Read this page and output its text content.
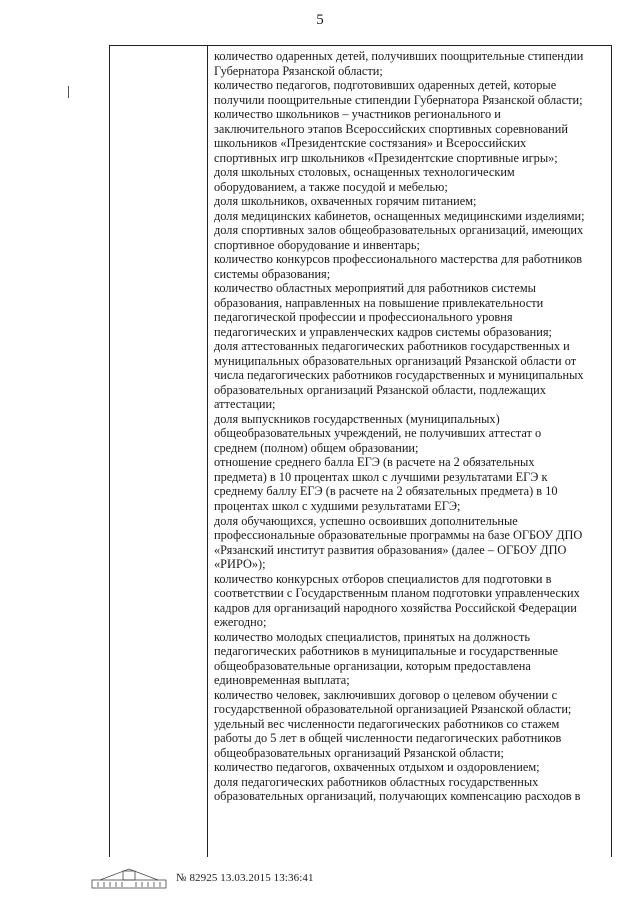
5
количество одаренных детей, получивших поощрительные стипендии
Губернатора Рязанской области;
количество педагогов, подготовивших одаренных детей, которые
получили поощрительные стипендии Губернатора Рязанской области;
количество школьников – участников регионального и
заключительного этапов Всероссийских спортивных соревнований
школьников «Президентские состязания» и Всероссийских
спортивных игр школьников «Президентские спортивные игры»;
доля школьных столовых, оснащенных технологическим
оборудованием, а также посудой и мебелью;
доля школьников, охваченных горячим питанием;
доля медицинских кабинетов, оснащенных медицинскими изделиями;
доля спортивных залов общеобразовательных организаций, имеющих
спортивное оборудование и инвентарь;
количество конкурсов профессионального мастерства для работников
системы образования;
количество областных мероприятий для работников системы
образования, направленных на повышение привлекательности
педагогической профессии и профессионального уровня
педагогических и управленческих кадров системы образования;
доля аттестованных педагогических работников государственных и
муниципальных образовательных организаций Рязанской области от
числа педагогических работников государственных и муниципальных
образовательных организаций Рязанской области, подлежащих
аттестации;
доля выпускников государственных (муниципальных)
общеобразовательных учреждений, не получивших аттестат о
среднем (полном) общем образовании;
отношение среднего балла ЕГЭ (в расчете на 2 обязательных
предмета) в 10 процентах школ с лучшими результатами ЕГЭ к
среднему баллу ЕГЭ (в расчете на 2 обязательных предмета) в 10
процентах школ с худшими результатами ЕГЭ;
доля обучающихся, успешно освоивших дополнительные
профессиональные образовательные программы на базе ОГБОУ ДПО
«Рязанский институт развития образования» (далее – ОГБОУ ДПО
«РИРО»);
количество конкурсных отборов специалистов для подготовки в
соответствии с Государственным планом подготовки управленческих
кадров для организаций народного хозяйства Российской Федерации
ежегодно;
количество молодых специалистов, принятых на должность
педагогических работников в муниципальные и государственные
общеобразовательные организации, которым предоставлена
единовременная выплата;
количество человек, заключивших договор о целевом обучении с
государственной образовательной организацией Рязанской области;
удельный вес численности педагогических работников со стажем
работы до 5 лет в общей численности педагогических работников
общеобразовательных организаций Рязанской области;
количество педагогов, охваченных отдыхом и оздоровлением;
доля педагогических работников областных государственных
образовательных организаций, получающих компенсацию расходов в
№ 82925 13.03.2015 13:36:41
